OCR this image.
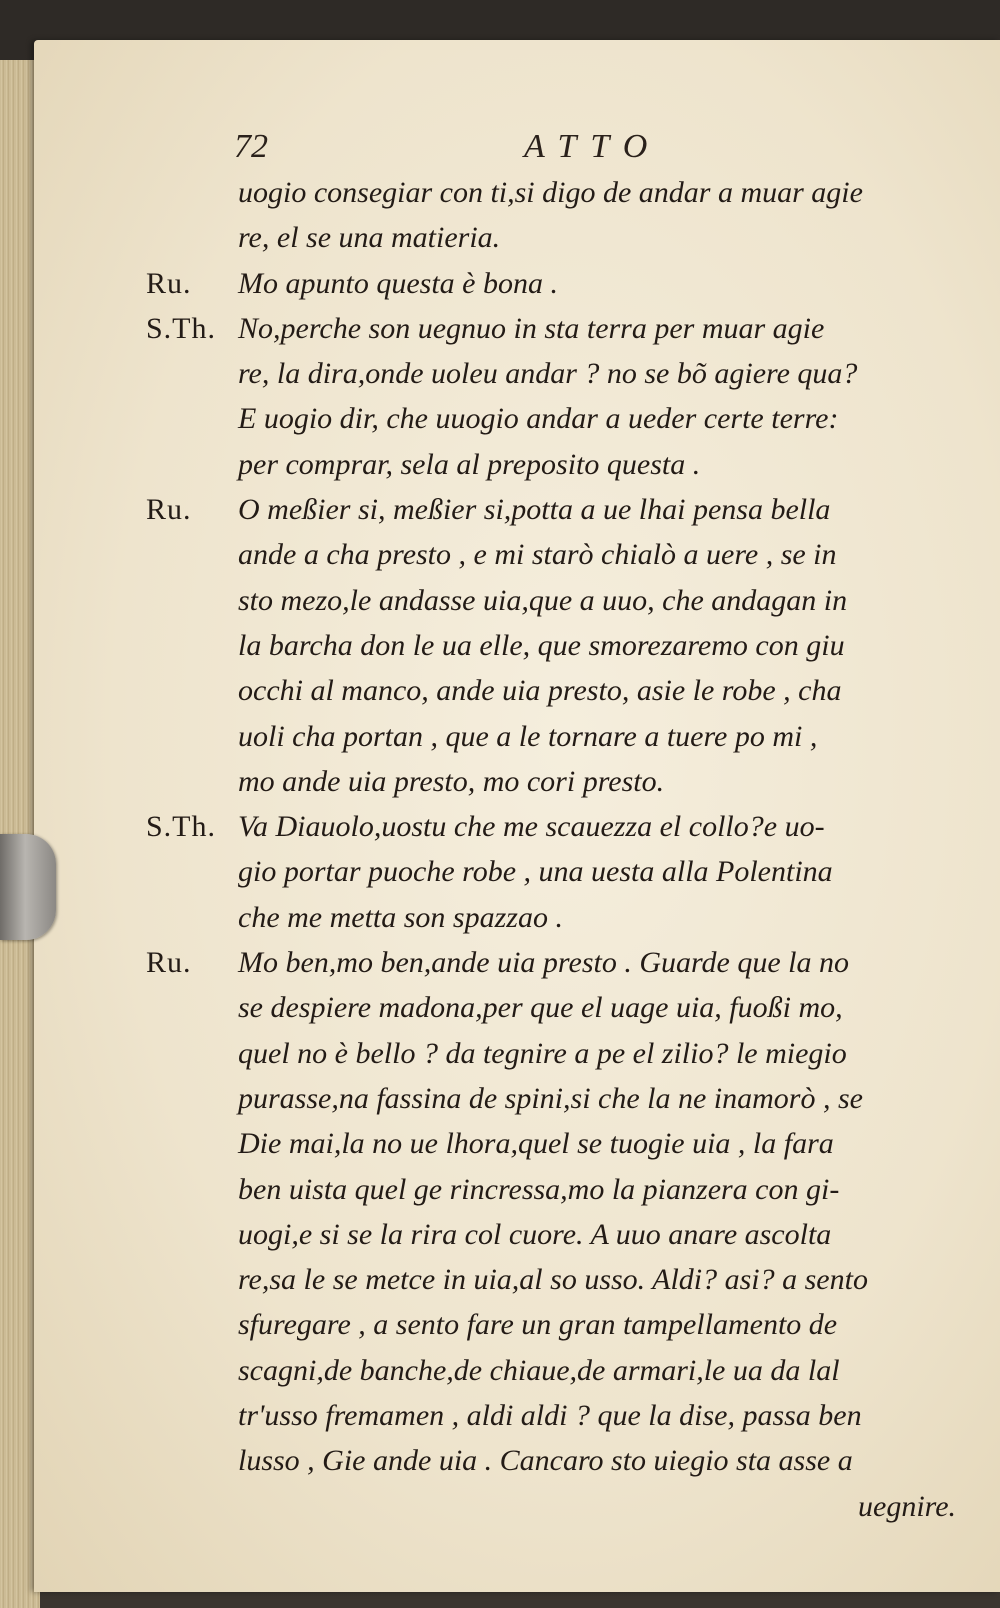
72	ATTO
uogio consegiar con ti,si digo de andar a muar agie
re, el se una matieria.
Ru. Mo apunto questa è bona .
S.Th. No,perche son uegnuo in sta terra per muar agie
re, la dira,onde uoleu andar ? no se bõ agiere qua?
E uogio dir, che uuogio andar a ueder certe terre:
per comprar, sela al preposito questa .
Ru. O meßier si, meßier si,potta a ue lhai pensa bella
ande a cha presto , e mi starò chialò a uere , se in
sto mezo,le andasse uia,que a uuo, che andagan in
la barcha don le ua elle, que smorezaremo con giu
occhi al manco, ande uia presto, asie le robe , cha
uoli cha portan , que a le tornare a tuere po mi ,
mo ande uia presto, mo cori presto.
S.Th. Va Diauolo,uostu che me scauezza el collo?e uo-
gio portar puoche robe , una uesta alla Polentina
che me metta son spazzao .
Ru. Mo ben,mo ben,ande uia presto . Guarde que la no
se despiere madona,per que el uage uia, fuoßi mo,
quel no è bello ? da tegnire a pe el zilio? le miegio
purasse,na fassina de spini,si che la ne inamorò , se
Die mai,la no ue lhora,quel se tuogie uia , la fara
ben uista quel ge rincressa,mo la pianzera con gi-
uogi,e si se la rira col cuore. A uuo anare ascolta
re,sa le se metce in uia,al so usso. Aldi? asi? a sento
sfuregare , a sento fare un gran tampellamento de
scagni,de banche,de chiaue,de armari,le ua da lal
tr'usso fremamen , aldi aldi ? que la dise, passa ben
lusso , Gie ande uia . Cancaro sto uiegio sta asse a
uegnire.
